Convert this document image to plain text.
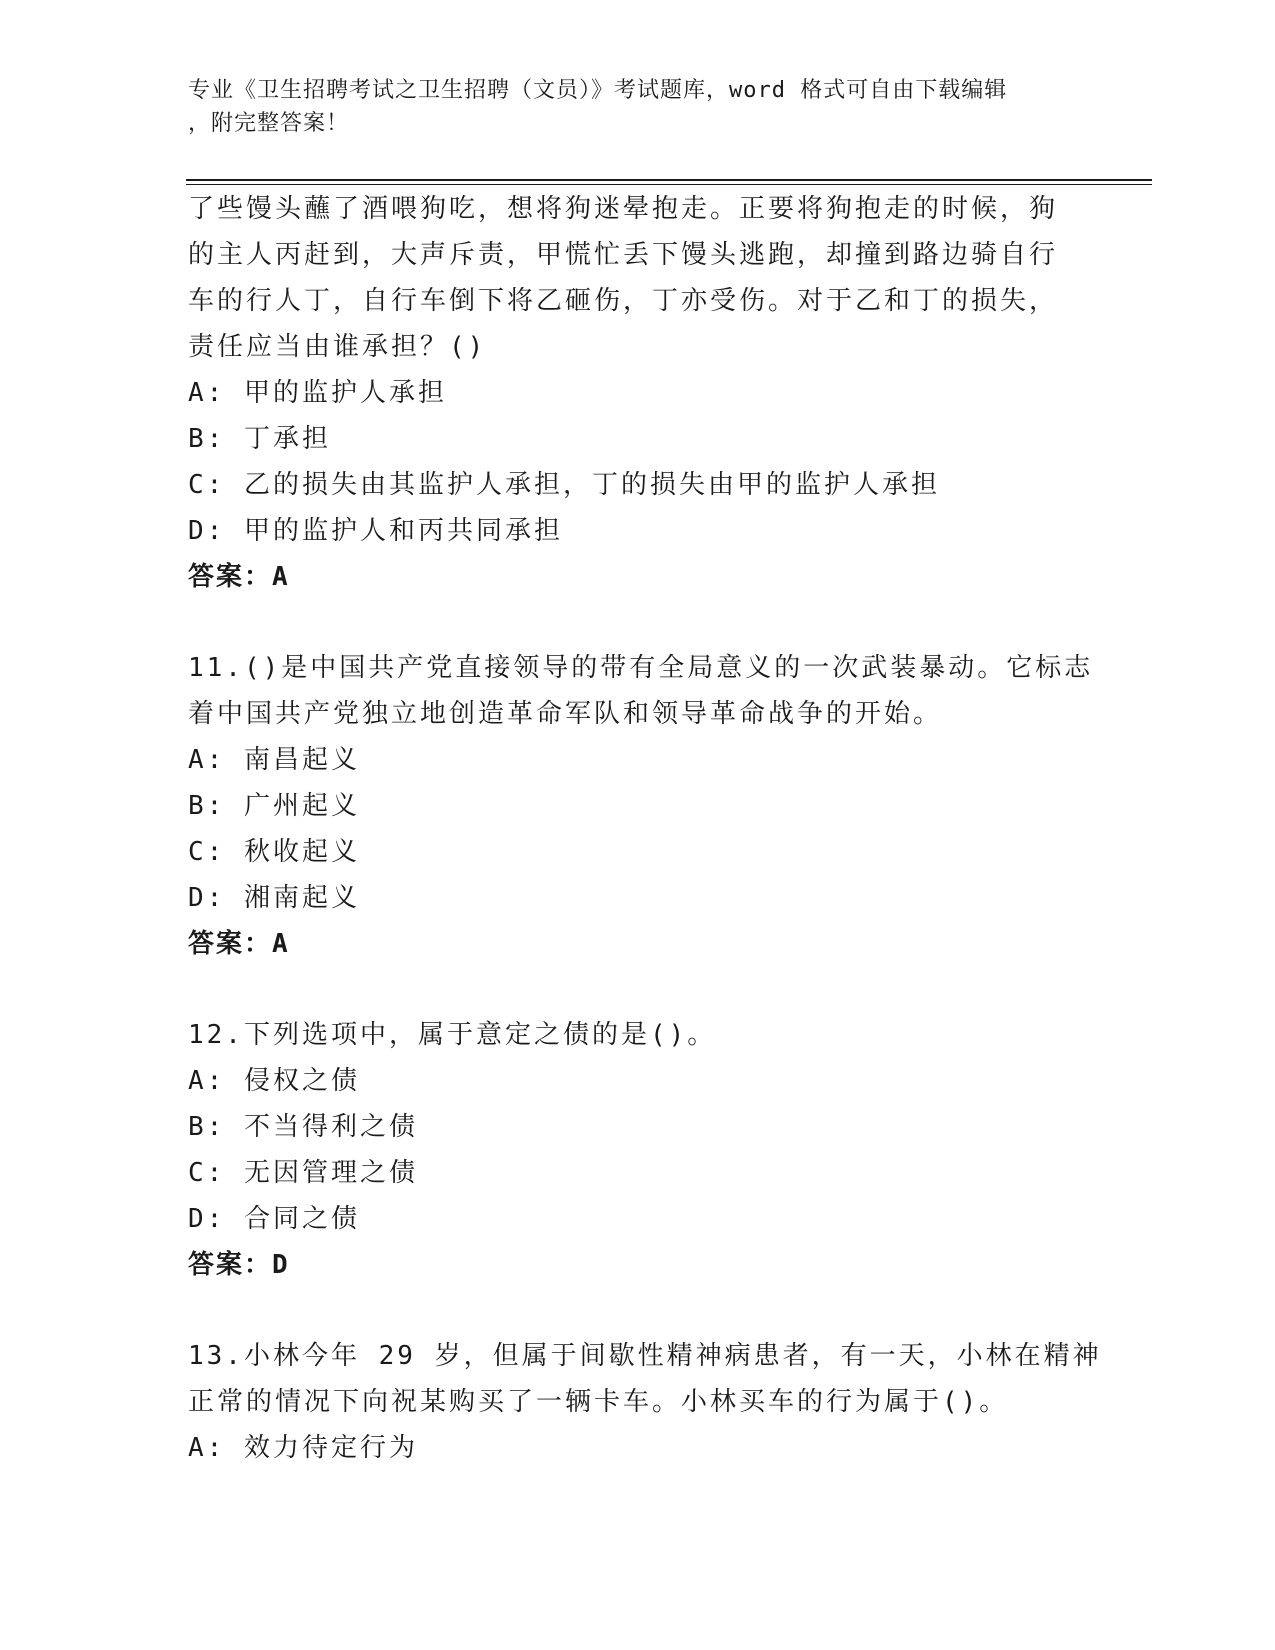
专业《卫生招聘考试之卫生招聘（文员）》考试题库，word 格式可自由下载编辑
，附完整答案！
了些馒头蘸了酒喂狗吃，想将狗迷晕抱走。正要将狗抱走的时候，狗
的主人丙赶到，大声斥责，甲慌忙丢下馒头逃跑，却撞到路边骑自行
车的行人丁，自行车倒下将乙砸伤，丁亦受伤。对于乙和丁的损失，
责任应当由谁承担？()
A: 甲的监护人承担
B: 丁承担
C: 乙的损失由其监护人承担，丁的损失由甲的监护人承担
D: 甲的监护人和丙共同承担
答案：A
11.()是中国共产党直接领导的带有全局意义的一次武装暴动。它标志
着中国共产党独立地创造革命军队和领导革命战争的开始。
A: 南昌起义
B: 广州起义
C: 秋收起义
D: 湘南起义
答案：A
12.下列选项中，属于意定之债的是()。
A: 侵权之债
B: 不当得利之债
C: 无因管理之债
D: 合同之债
答案：D
13.小林今年 29 岁，但属于间歇性精神病患者，有一天，小林在精神
正常的情况下向祝某购买了一辆卡车。小林买车的行为属于()。
A: 效力待定行为
